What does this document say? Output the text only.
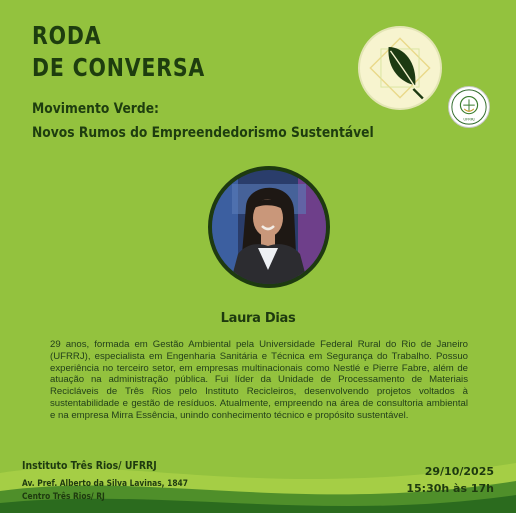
RODA
DE CONVERSA
Movimento Verde:
Novos Rumos do Empreendedorismo Sustentável
UFRRJ
Laura Dias

29 anos, formada em Gestão Ambiental pela Universidade Federal Rural do Rio de Janeiro (UFRRJ), especialista em Engenharia Sanitária e Técnica em Segurança do Trabalho. Possuo experiência no terceiro setor, em empresas multinacionais como Nestlé e Pierre Fabre, além de atuação na administração pública. Fui líder da Unidade de Processamento de Materiais Recicláveis de Três Rios pelo Instituto Recicleiros, desenvolvendo projetos voltados à sustentabilidade e gestão de resíduos. Atualmente, empreendo na área de consultoria ambiental e na empresa Mirra Essência, unindo conhecimento técnico e propósito sustentável.

Instituto Três Rios/ UFRRJ
Av. Pref. Alberto da Silva Lavinas, 1847
Centro Três Rios/ RJ
29/10/2025
15:30h às 17h
